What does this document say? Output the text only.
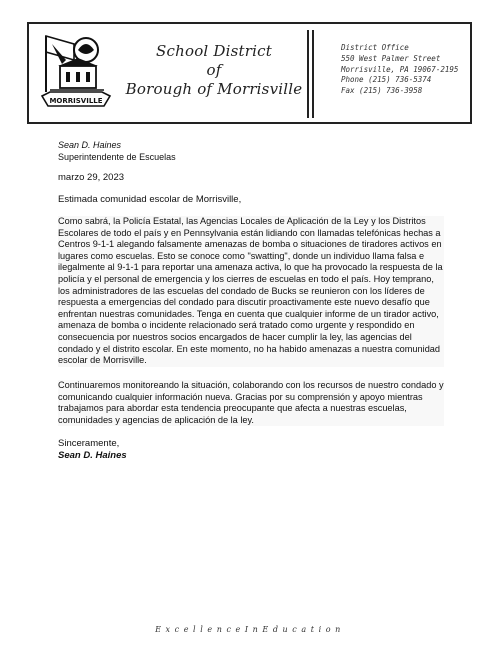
MORRISVILLE
School District
of
Borough of Morrisville
District Office
550 West Palmer Street
Morrisville, PA 19067-2195
Phone (215) 736-5374
Fax (215) 736-3958
Sean D. Haines
Superintendente de Escuelas
marzo 29, 2023
Estimada comunidad escolar de Morrisville,
Como sabrá, la Policía Estatal, las Agencias Locales de Aplicación de la Ley y los Distritos Escolares de todo el país y en Pennsylvania están lidiando con llamadas telefónicas hechas a Centros 9-1-1 alegando falsamente amenazas de bomba o situaciones de tiradores activos en lugares como escuelas. Esto se conoce como "swatting", donde un individuo llama falsa e ilegalmente al 9-1-1 para reportar una amenaza activa, lo que ha provocado la respuesta de la policía y el personal de emergencia y los cierres de escuelas en todo el país. Hoy temprano, los administradores de las escuelas del condado de Bucks se reunieron con los líderes de respuesta a emergencias del condado para discutir proactivamente este nuevo desafío que enfrentan nuestras comunidades. Tenga en cuenta que cualquier informe de un tirador activo, amenaza de bomba o incidente relacionado será tratado como urgente y respondido en consecuencia por nuestros socios encargados de hacer cumplir la ley, las agencias del condado y el distrito escolar. En este momento, no ha habido amenazas a nuestra comunidad escolar de Morrisville.
Continuaremos monitoreando la situación, colaborando con los recursos de nuestro condado y comunicando cualquier información nueva. Gracias por su comprensión y apoyo mientras trabajamos para abordar esta tendencia preocupante que afecta a nuestras escuelas, comunidades y agencias de aplicación de la ley.
Sinceramente,
Sean D. Haines
ExcellenceInEducation
